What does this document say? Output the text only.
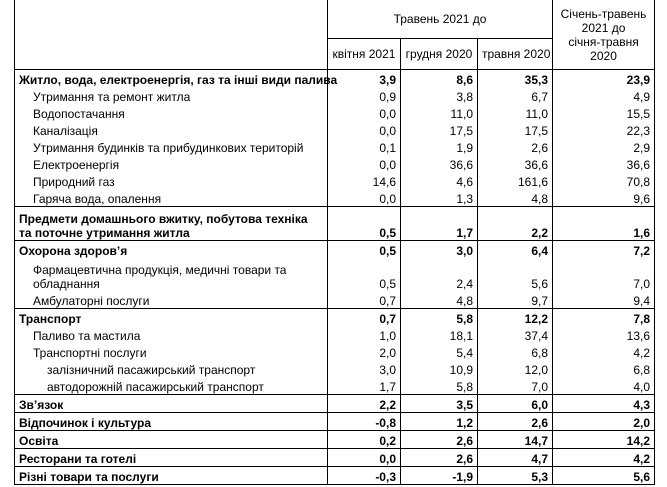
	Травень 2021 до			Січень-травень
2021 до
січня-травня
2020

	квітня 2021	грудня 2020	травня 2020	
Житло, вода, електроенергія, газ та інші види палива	3,9	8,6	35,3	23,9
Утримання та ремонт житла	0,9	3,8	6,7	4,9
Водопостачання	0,0	11,0	11,0	15,5
Каналізація	0,0	17,5	17,5	22,3
Утримання будинків та прибудинкових територій	0,1	1,9	2,6	2,9
Електроенергія	0,0	36,6	36,6	36,6
Природний газ	14,6	4,6	161,6	70,8
Гаряча вода, опалення	0,0	1,3	4,8	9,6
Предмети домашнього вжитку, побутова техніка та поточне утримання житла	0,5	1,7	2,2	1,6
Охорона здоров’я	0,5	3,0	6,4	7,2
Фармацевтична продукція, медичні товари та обладнання	0,5	2,4	5,6	7,0
Амбулаторні послуги	0,7	4,8	9,7	9,4
Транспорт	0,7	5,8	12,2	7,8
Паливо та мастила	1,0	18,1	37,4	13,6
Транспортні послуги	2,0	5,4	6,8	4,2
залізничний пасажирський транспорт	3,0	10,9	12,0	6,8
автодорожній пасажирський транспорт	1,7	5,8	7,0	4,0
Зв’язок	2,2	3,5	6,0	4,3
Відпочинок і культура	-0,8	1,2	2,6	2,0
Освіта	0,2	2,6	14,7	14,2
Ресторани та готелі	0,0	2,6	4,7	4,2
Різні товари та послуги	-0,3	-1,9	5,3	5,6
